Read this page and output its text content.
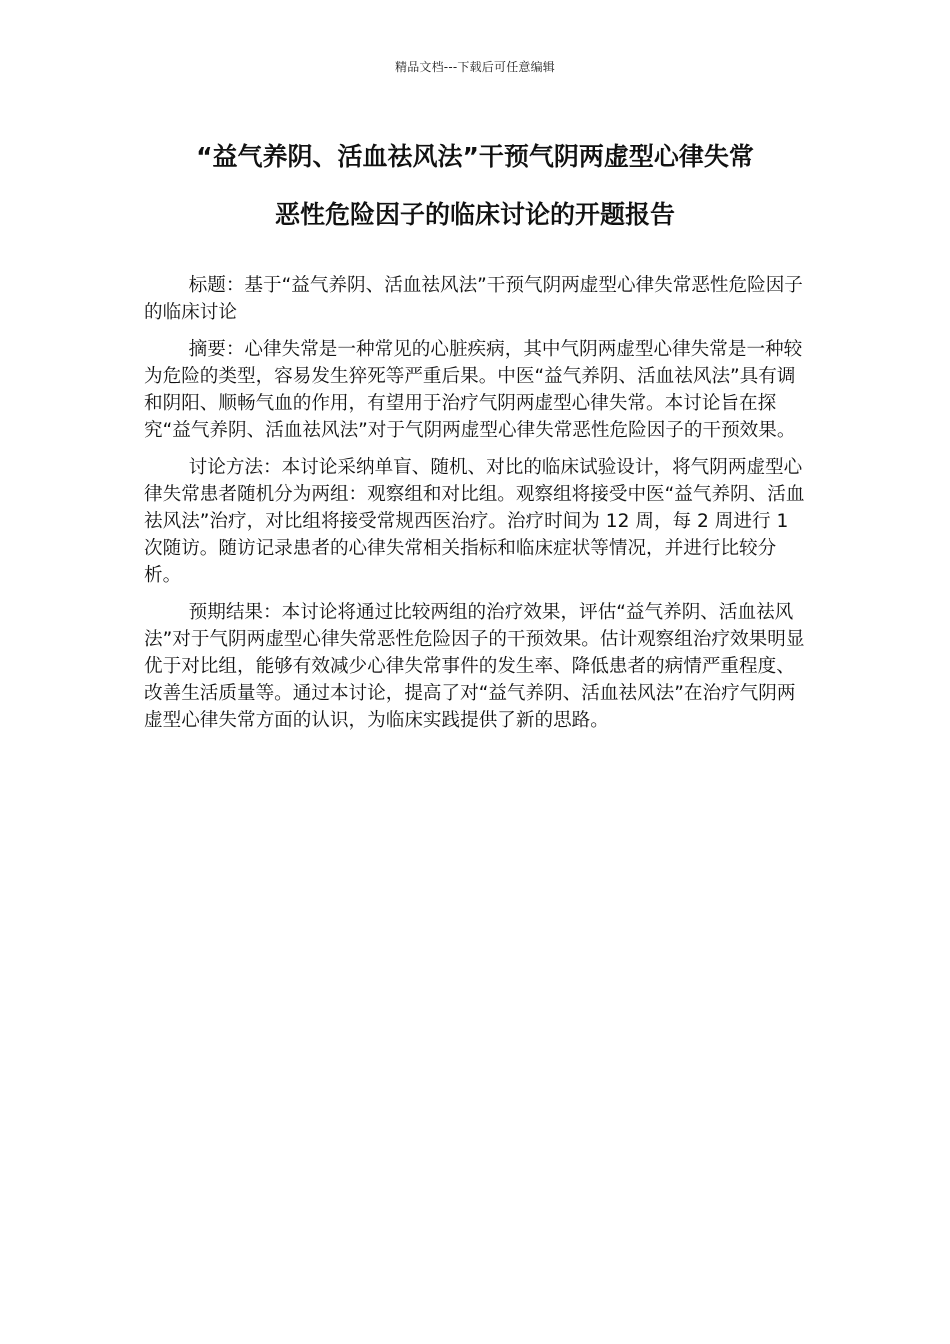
精品文档---下载后可任意编辑
“益气养阴、活血祛风法”干预气阴两虚型心律失常
恶性危险因子的临床讨论的开题报告

标题：基于“益气养阴、活血祛风法”干预气阴两虚型心律失常恶性危险因子的临床讨论

摘要：心律失常是一种常见的心脏疾病，其中气阴两虚型心律失常是一种较为危险的类型，容易发生猝死等严重后果。中医“益气养阴、活血祛风法”具有调和阴阳、顺畅气血的作用，有望用于治疗气阴两虚型心律失常。本讨论旨在探究“益气养阴、活血祛风法”对于气阴两虚型心律失常恶性危险因子的干预效果。

讨论方法：本讨论采纳单盲、随机、对比的临床试验设计，将气阴两虚型心律失常患者随机分为两组：观察组和对比组。观察组将接受中医“益气养阴、活血祛风法”治疗，对比组将接受常规西医治疗。治疗时间为 12 周，每 2 周进行 1 次随访。随访记录患者的心律失常相关指标和临床症状等情况，并进行比较分析。

预期结果：本讨论将通过比较两组的治疗效果，评估“益气养阴、活血祛风法”对于气阴两虚型心律失常恶性危险因子的干预效果。估计观察组治疗效果明显优于对比组，能够有效减少心律失常事件的发生率、降低患者的病情严重程度、改善生活质量等。通过本讨论，提高了对“益气养阴、活血祛风法”在治疗气阴两虚型心律失常方面的认识，为临床实践提供了新的思路。
